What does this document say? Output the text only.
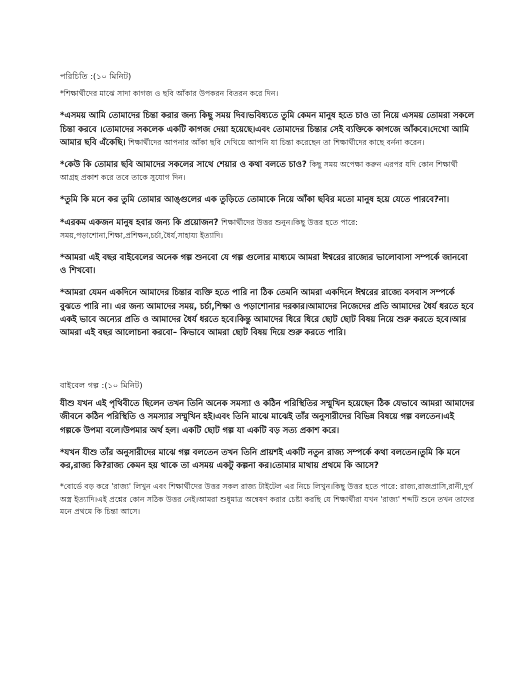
পরিচিতি :(১০ মিনিট)

*শিক্ষার্থীদের মাঝে সাদা কাগজ ও ছবি আঁকার উপকরন বিতরন করে দিন।

*এসময় আমি তোমাদের চিন্তা করার জন্য কিছু সময় দিব।ভবিষ্যতে তুমি কেমন মানুষ হতে চাও তা নিয়ে এসময় তোমরা সকলে চিন্তা করবে ।তোমাদের সকলেক একটি কাগজ দেয়া হয়েছে।এবং তোমাদের চিন্তার সেই ব্যক্তিকে কাগজে আঁকবে।দেখো আমি আমার ছবি এঁকেছি। শিক্ষার্থীদের আপনার আঁকা ছবি দেখিয়ে আপনি যা চিন্তা করেছেন তা শিক্ষার্থীদের কাছে বর্ননা করেন।

*কেউ কি তোমার ছবি আমাদের সকলের সাথে শেয়ার ও কথা বলতে চাও? কিছু সময় অপেক্ষা করুন এরপর যদি কোন শিক্ষার্থী আগ্রহ প্রকাশ করে তবে তাকে সুযোগ দিন।

*তুমি কি মনে কর তুমি তোমার আঙ্গুলের এক তুড়িতে তোমাকে নিয়ে আঁকা ছবির মতো মানুষ হয়ে যেতে পারবে?না।

*এরকম একজন মানুষ হবার জন্য কি প্রয়োজন? শিক্ষার্থীদের উত্তর শুনুন।কিছু উত্তর হতে পারে: সময়,পড়াশোনা,শিক্ষা,প্রশিক্ষন,চর্চা,ধৈর্য,সাহায্য ইত্যাদি।

*আমরা এই বছর বাইবেলের অনেক গল্প শুনবো যে গল্প গুলোর মাধ্যমে আমরা ঈশ্বরের রাজ্যের ভালোবাসা সম্পর্কে জানবো ও শিখবো।

*আমরা যেমন একদিনে আমাদের চিন্তার ব্যক্তি হতে পারি না ঠিক তেমনি আমরা একদিনে ঈশ্বরের রাজ্যে বসবাস সম্পর্কে বুঝতে পারি না। এর জন্য আমাদের সময়, চর্চা,শিক্ষা ও পড়াশোনার দরকার।আমাদের নিজেদের প্রতি আমাদের ধৈর্য ধরতে হবে একই ভাবে অন্যের প্রতি ও আমাদের ধৈর্য ধরতে হবে।কিন্তু আমাদের ধিরে ধিরে ছোট ছোট বিষয় নিয়ে শুরু করতে হবে।আর আমরা এই বছর আলোচনা করবো– কিভাবে আমরা ছোট বিষয় দিয়ে শুরু করতে পারি।

বাইবেল গল্প :(১০ মিনিট)

যীশু যখন এই পৃথিবীতে ছিলেন তখন তিনি অনেক সমস্যা ও কঠিন পরিস্থিতির সম্মুখিন হয়েছেন ঠিক যেভাবে আমরা আমাদের জীবনে কঠিন পরিস্থিতি ও সমস্যার সম্মুখিন হই।এবং তিনি মাঝে মাঝেই তাঁর অনুসারীদের বিভিন্ন বিষয়ে গল্প বলতেন।এই গল্পকে উপমা বলে।উপমার অর্থ হল। একটি ছোট গল্প যা একটি বড় সত্য প্রকাশ করে।

*যখন যীশু তাঁর অনুসারীদের মাঝে গল্প বলতেন তখন তিনি প্রায়শই একটি নতুন রাজ্য সম্পর্কে কথা বলতেন।তুমি কি মনে কর,রাজ্য কি?রাজ্য কেমন হয় থাকে তা এসময় একটু কল্পনা কর।তোমার মাথায় প্রথমে কি আসে?

*বোর্ডে বড় করে 'রাজ্য' লিখুন এবং শিক্ষার্থীদের উত্তর সকল রাজ্য টাইটেল এর নিচে লিখুন।কিছু উত্তর হতে পারে: রাজ্য,রাজপ্রাসি,রানী,দুর্গ অস্ত্র ইত্যাদি।এই প্রশ্নের কোন সঠিক উত্তর নেই।আমরা শুধুমাত্র অন্বেষণ করার চেষ্টা করছি যে শিক্ষার্থীরা যখন 'রাজ্য' শব্দটি শুনে তখন তাদের মনে প্রথমে কি চিন্তা আসে।
